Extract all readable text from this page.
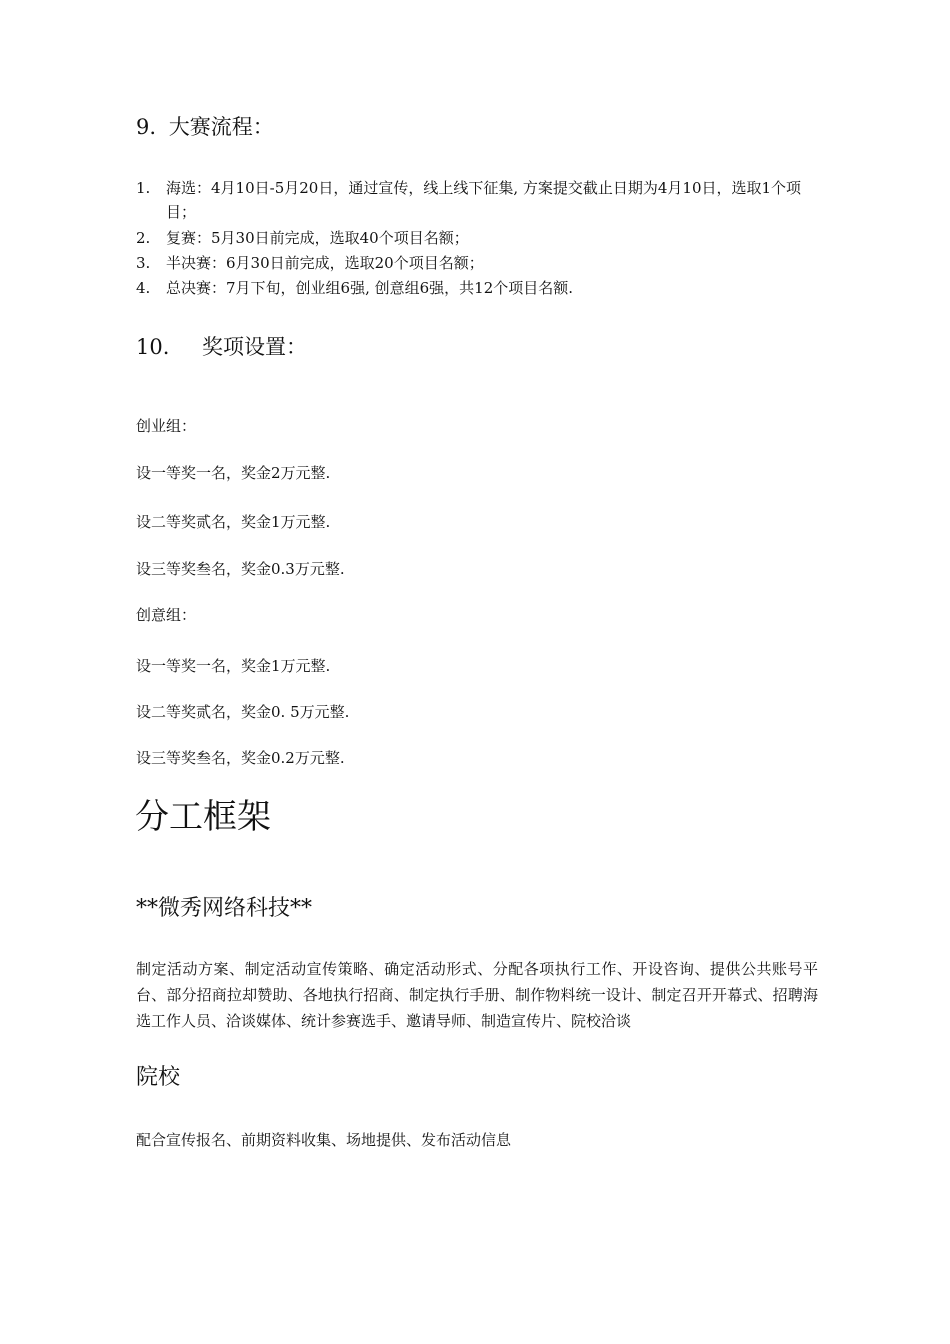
9. 大赛流程：
1. 海选：4月10日-5月20日，通过宣传，线上线下征集, 方案提交截止日期为4月10日，选取1个项目；
2. 复赛：5月30日前完成，选取40个项目名额；
3. 半决赛：6月30日前完成，选取20个项目名额；
4. 总决赛：7月下旬，创业组6强, 创意组6强，共12个项目名额.
10. 奖项设置：
创业组：
设一等奖一名，奖金2万元整.
设二等奖贰名，奖金1万元整.
设三等奖叁名，奖金0.3万元整.
创意组：
设一等奖一名，奖金1万元整.
设二等奖贰名，奖金0. 5万元整.
设三等奖叁名，奖金0.2万元整.
分工框架
**微秀网络科技**
制定活动方案、制定活动宣传策略、确定活动形式、分配各项执行工作、开设咨询、提供公共账号平台、部分招商拉却赞助、各地执行招商、制定执行手册、制作物料统一设计、制定召开开幕式、招聘海选工作人员、洽谈媒体、统计参赛选手、邀请导师、制造宣传片、院校洽谈
院校
配合宣传报名、前期资料收集、场地提供、发布活动信息
